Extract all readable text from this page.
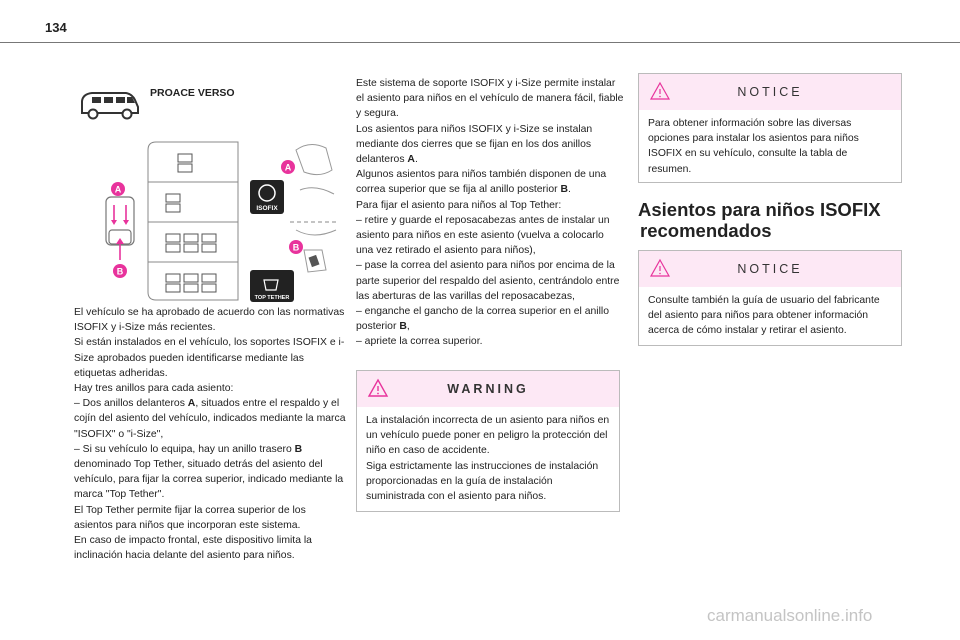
134
PROACE VERSO
A
B
ISOFIX
TOP TETHER
A
B

El vehículo se ha aprobado de acuerdo con las normativas ISOFIX y i-Size más recientes.

Si están instalados en el vehículo, los soportes ISOFIX e i-Size aprobados pueden identificarse mediante las etiquetas adheridas.

Hay tres anillos para cada asiento:

– Dos anillos delanteros A, situados entre el respaldo y el cojín del asiento del vehículo, indicados mediante la marca "ISOFIX" o "i-Size",

– Si su vehículo lo equipa, hay un anillo trasero B denominado Top Tether, situado detrás del asiento del vehículo, para fijar la correa superior, indicado mediante la marca "Top Tether".

El Top Tether permite fijar la correa superior de los asientos para niños que incorporan este sistema.

En caso de impacto frontal, este dispositivo limita la inclinación hacia delante del asiento para niños.

Este sistema de soporte ISOFIX y i-Size permite instalar el asiento para niños en el vehículo de manera fácil, fiable y segura.

Los asientos para niños ISOFIX y i-Size se instalan mediante dos cierres que se fijan en los dos anillos delanteros A.

Algunos asientos para niños también disponen de una correa superior que se fija al anillo posterior B.

Para fijar el asiento para niños al Top Tether:

– retire y guarde el reposacabezas antes de instalar un asiento para niños en este asiento (vuelva a colocarlo una vez retirado el asiento para niños),

– pase la correa del asiento para niños por encima de la parte superior del respaldo del asiento, centrándolo entre las aberturas de las varillas del reposacabezas,

– enganche el gancho de la correa superior en el anillo posterior B,

– apriete la correa superior.

WARNING

La instalación incorrecta de un asiento para niños en un vehículo puede poner en peligro la protección del niño en caso de accidente.

Siga estrictamente las instrucciones de instalación proporcionadas en la guía de instalación suministrada con el asiento para niños.

NOTICE
Para obtener información sobre las diversas opciones para instalar los asientos para niños ISOFIX en su vehículo, consulte la tabla de resumen.
Asientos para niños ISOFIX
recomendados
NOTICE
Consulte también la guía de usuario del fabricante del asiento para niños para obtener información acerca de cómo instalar y retirar el asiento.
carmanualsonline.info
